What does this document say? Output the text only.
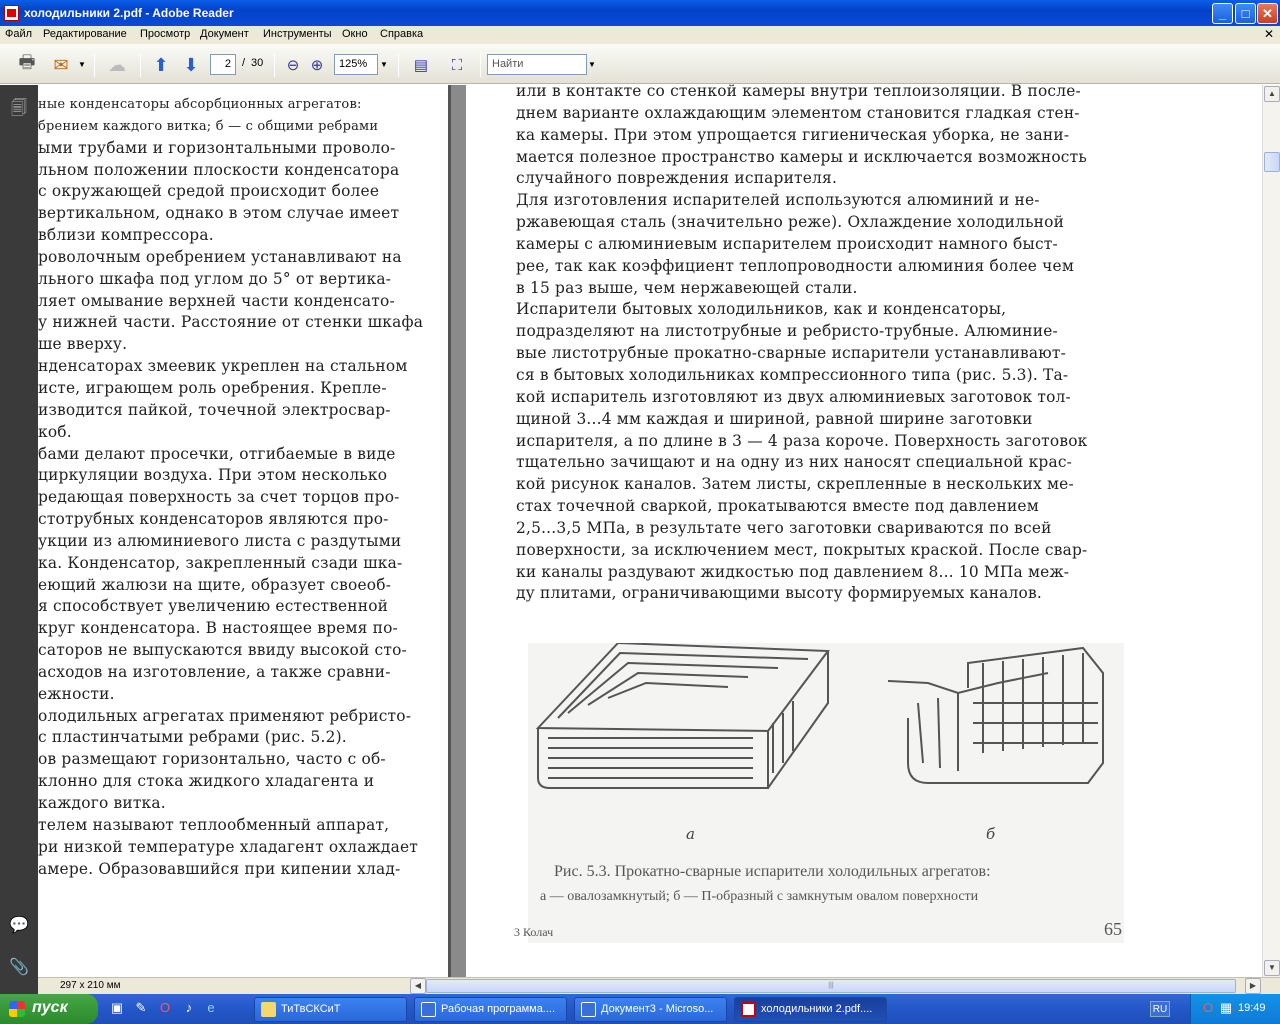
холодильники 2.pdf - Adobe Reader	_	□ ✕
Файл Редактирование Просмотр Документ Инструменты Окно Справка	✕
🖶 ✉	▼ ☁	⬆ ⬇	2	/ 30	⊖ ⊕	125%	▼	▤	⛶	Найти	▼
🗐
💬
📎
ные конденсаторы абсорбционных агрегатов:
брением каждого витка; б — с общими ребрами
ыми трубами и горизонтальными проволо-
льном положении плоскости конденсатора
с окружающей средой происходит более
вертикальном, однако в этом случае имеет
вблизи компрессора.
роволочным оребрением устанавливают на
льного шкафа под углом до 5° от вертика-
ляет омывание верхней части конденсато-
у нижней части. Расстояние от стенки шкафа
ше вверху.
нденсаторах змеевик укреплен на стальном
исте, играющем роль оребрения. Крепле-
изводится пайкой, точечной электросвар-
коб.
бами делают просечки, отгибаемые в виде
циркуляции воздуха. При этом несколько
редающая поверхность за счет торцов про-
стотрубных конденсаторов являются про-
укции из алюминиевого листа с раздутыми
ка. Конденсатор, закрепленный сзади шка-
еющий жалюзи на щите, образует своеоб-
я способствует увеличению естественной
круг конденсатора. В настоящее время по-
саторов не выпускаются ввиду высокой сто-
асходов на изготовление, а также сравни-
ежности.
олодильных агрегатах применяют ребристо-
с пластинчатыми ребрами (рис. 5.2).
ов размещают горизонтально, часто с об-
клонно для стока жидкого хладагента и
каждого витка.
телем называют теплообменный аппарат,
ри низкой температуре хладагент охлаждает
амере. Образовавшийся при кипении хлад-
или в контакте со стенкой камеры внутри теплоизоляции. В после-
днем варианте охлаждающим элементом становится гладкая стен-
ка камеры. При этом упрощается гигиеническая уборка, не зани-
мается полезное пространство камеры и исключается возможность
случайного повреждения испарителя.
Для изготовления испарителей используются алюминий и не-
ржавеющая сталь (значительно реже). Охлаждение холодильной
камеры с алюминиевым испарителем происходит намного быст-
рее, так как коэффициент теплопроводности алюминия более чем
в 15 раз выше, чем нержавеющей стали.
Испарители бытовых холодильников, как и конденсаторы,
подразделяют на листотрубные и ребристо-трубные. Алюминие-
вые листотрубные прокатно-сварные испарители устанавливают-
ся в бытовых холодильниках компрессионного типа (рис. 5.3). Та-
кой испаритель изготовляют из двух алюминиевых заготовок тол-
щиной 3...4 мм каждая и шириной, равной ширине заготовки
испарителя, а по длине в 3 — 4 раза короче. Поверхность заготовок
тщательно зачищают и на одну из них наносят специальной крас-
кой рисунок каналов. Затем листы, скрепленные в нескольких ме-
стах точечной сваркой, прокатываются вместе под давлением
2,5...3,5 МПа, в результате чего заготовки свариваются по всей
поверхности, за исключением мест, покрытых краской. После свар-
ки каналы раздувают жидкостью под давлением 8... 10 МПа меж-
ду плитами, ограничивающими высоту формируемых каналов.
а	б
Рис. 5.3. Прокатно-сварные испарители холодильных агрегатов:
а — овалозамкнутый; б — П-образный с замкнутым овалом поверхности
3 Колач	65
▲
▼
297 x 210 мм	◀	|||	▶
пуск	▣ ✎	O	♪	e	ТиТвСКСиТ	Рабочая программа....	Документ3 - Microso...	холодильники 2.pdf....	RU	O ▦ 19:49
